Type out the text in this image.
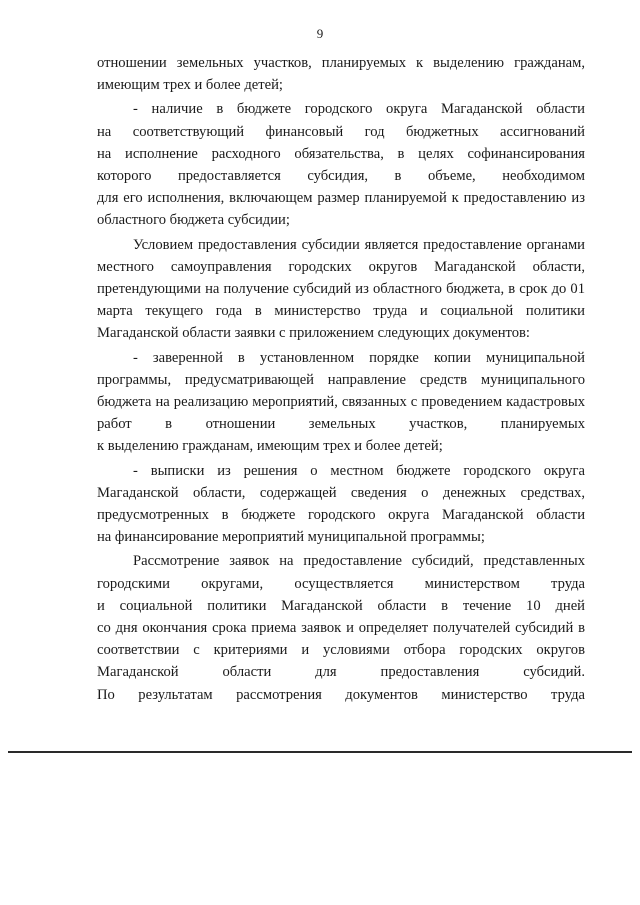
9
отношении земельных участков, планируемых к выделению гражданам,
имеющим трех и более детей;
- наличие в бюджете городского округа Магаданской области
на соответствующий финансовый год бюджетных ассигнований
на исполнение расходного обязательства, в целях софинансирования
которого предоставляется субсидия, в объеме, необходимом
для его исполнения, включающем размер планируемой к предоставлению из
областного бюджета субсидии;
Условием предоставления субсидии является предоставление органами
местного самоуправления городских округов Магаданской области,
претендующими на получение субсидий из областного бюджета, в срок до 01
марта текущего года в министерство труда и социальной политики
Магаданской области заявки с приложением следующих документов:
- заверенной в установленном порядке копии муниципальной
программы, предусматривающей направление средств муниципального
бюджета на реализацию мероприятий, связанных с проведением кадастровых
работ в отношении земельных участков, планируемых
к выделению гражданам, имеющим трех и более детей;
- выписки из решения о местном бюджете городского округа
Магаданской области, содержащей сведения о денежных средствах,
предусмотренных в бюджете городского округа Магаданской области
на финансирование мероприятий муниципальной программы;
Рассмотрение заявок на предоставление субсидий, представленных
городскими округами, осуществляется министерством труда
и социальной политики Магаданской области в течение 10 дней
со дня окончания срока приема заявок и определяет получателей субсидий в
соответствии с критериями и условиями отбора городских округов
Магаданской области для предоставления субсидий.
По результатам рассмотрения документов министерство труда
